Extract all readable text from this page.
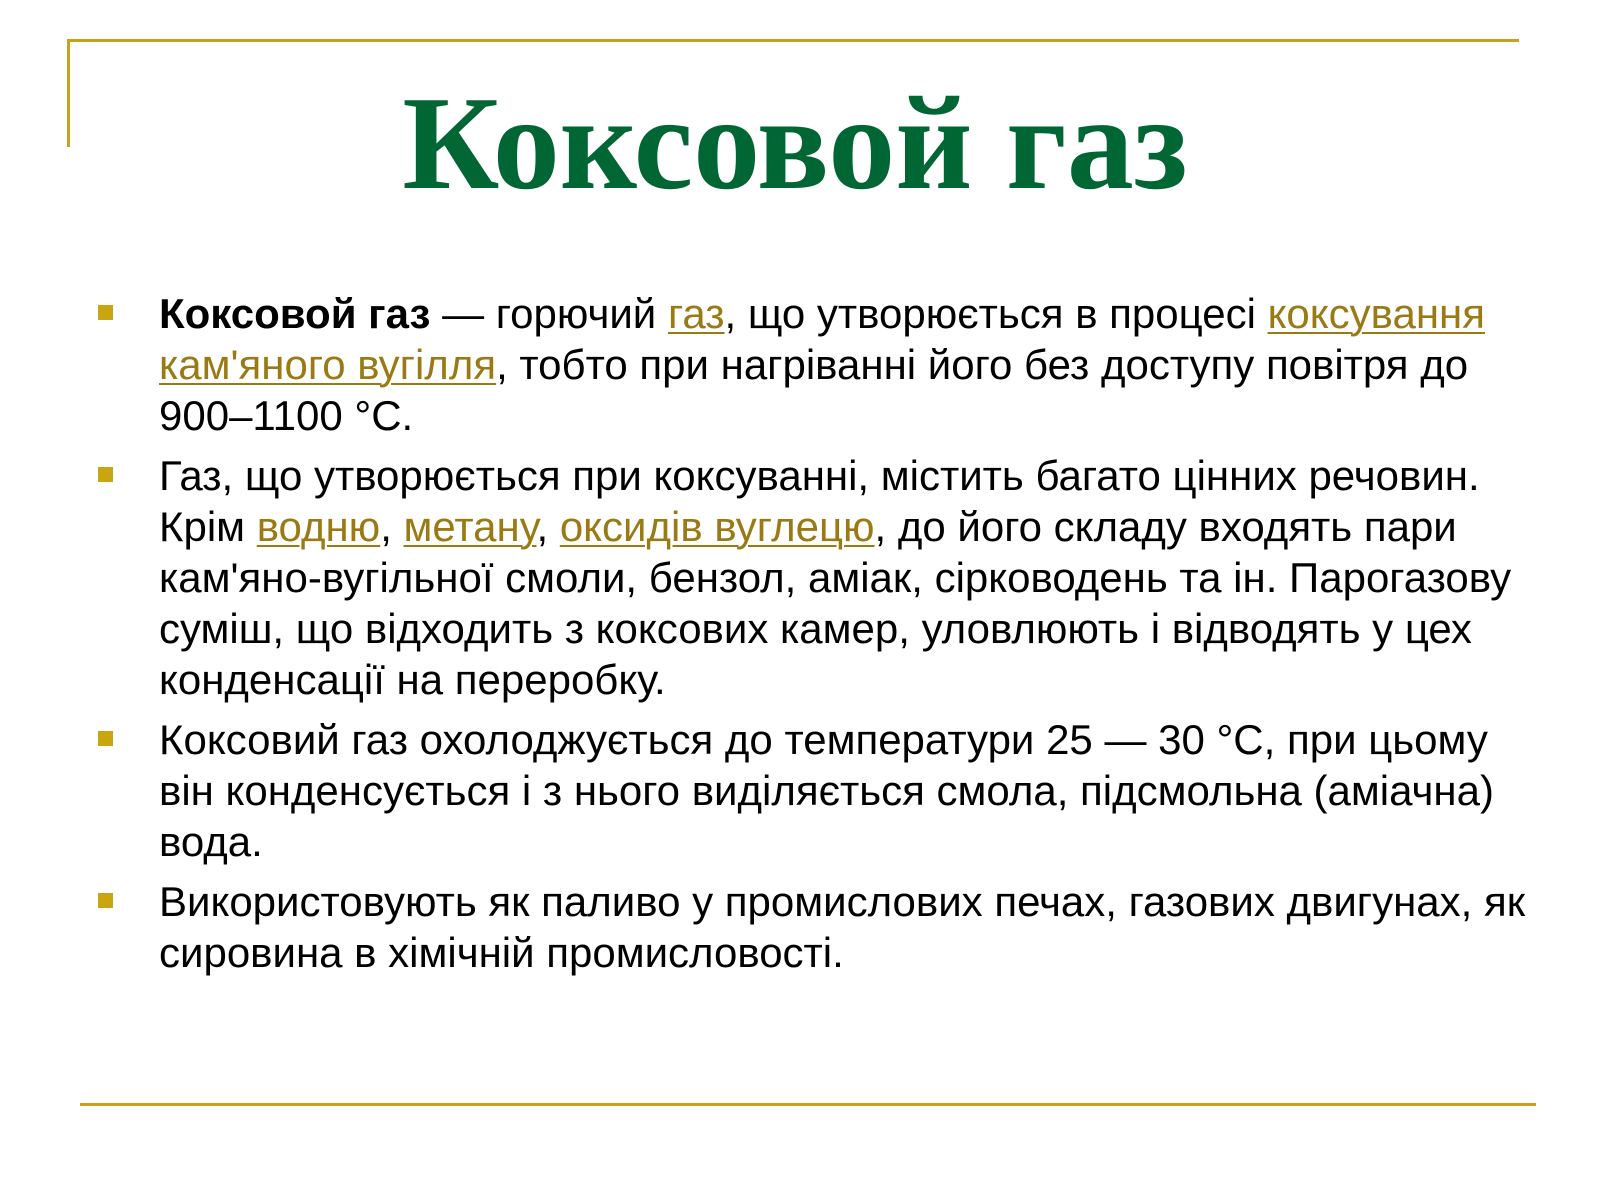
Коксовой газ
Коксовой газ — горючий газ, що утворюється в процесі коксування кам'яного вугілля, тобто при нагріванні його без доступу повітря до 900–1100 °C.
Газ, що утворюється при коксуванні, містить багато цінних речовин. Крім водню, метану, оксидів вуглецю, до його складу входять пари кам'яно-вугільної смоли, бензол, аміак, сірководень та ін. Парогазову суміш, що відходить з коксових камер, уловлюють і відводять у цех конденсації на переробку.
Коксовий газ охолоджується до температури 25 — 30 °C, при цьому він конденсується і з нього виділяється смола, підсмольна (аміачна) вода.
Використовують як паливо у промислових печах, газових двигунах, як сировина в хімічній промисловості.
